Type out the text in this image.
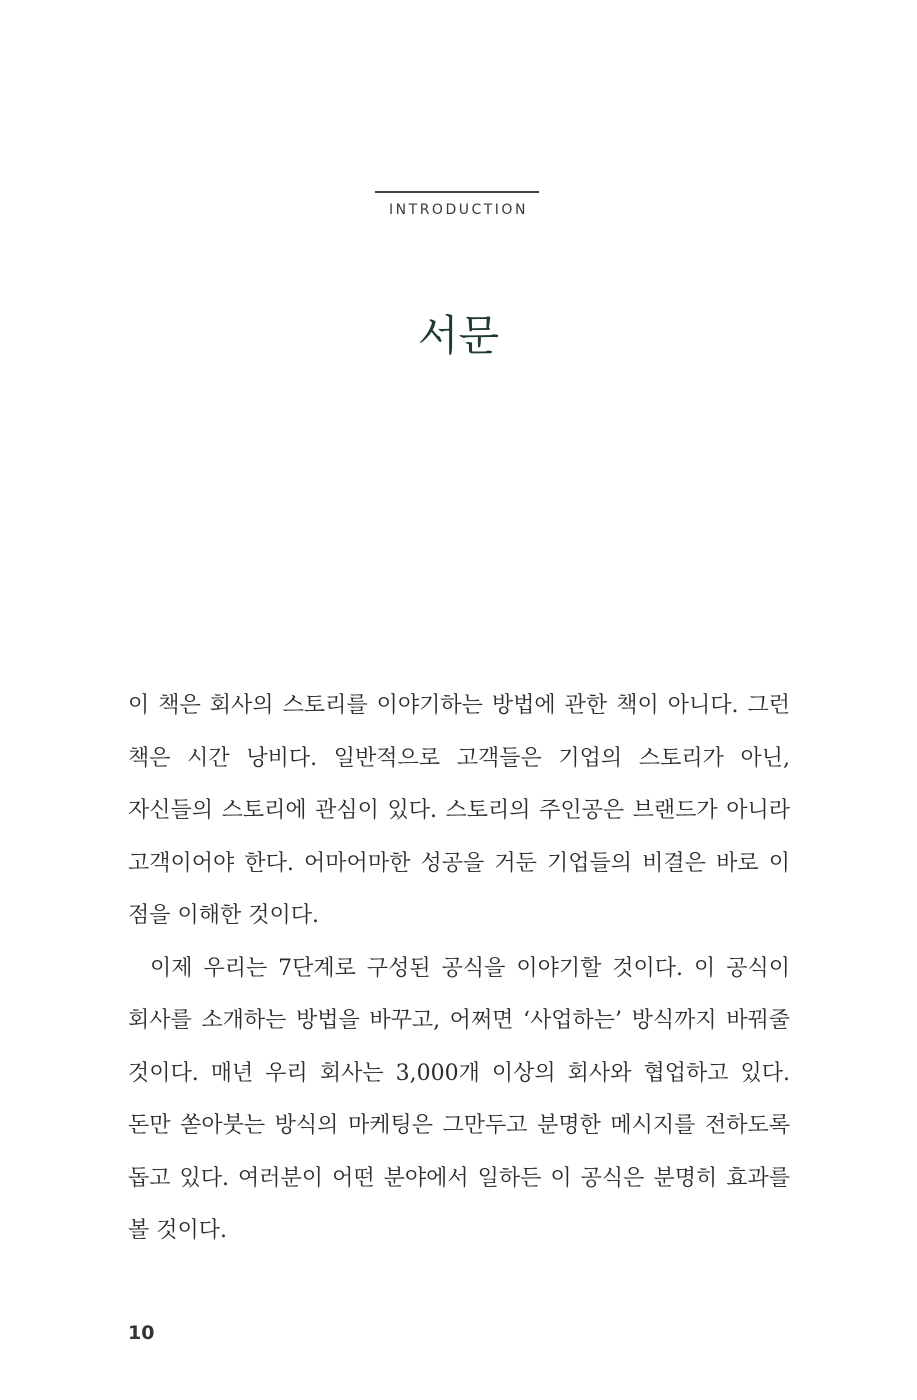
INTRODUCTION
서문

이 책은 회사의 스토리를 이야기하는 방법에 관한 책이 아니다. 그런 책은 시간 낭비다. 일반적으로 고객들은 기업의 스토리가 아닌, 자신들의 스토리에 관심이 있다. 스토리의 주인공은 브랜드가 아니라 고객이어야 한다. 어마어마한 성공을 거둔 기업들의 비결은 바로 이 점을 이해한 것이다.

이제 우리는 7단계로 구성된 공식을 이야기할 것이다. 이 공식이 회사를 소개하는 방법을 바꾸고, 어쩌면 ‘사업하는’ 방식까지 바꿔줄 것이다. 매년 우리 회사는 3,000개 이상의 회사와 협업하고 있다. 돈만 쏟아붓는 방식의 마케팅은 그만두고 분명한 메시지를 전하도록 돕고 있다. 여러분이 어떤 분야에서 일하든 이 공식은 분명히 효과를 볼 것이다.

10
